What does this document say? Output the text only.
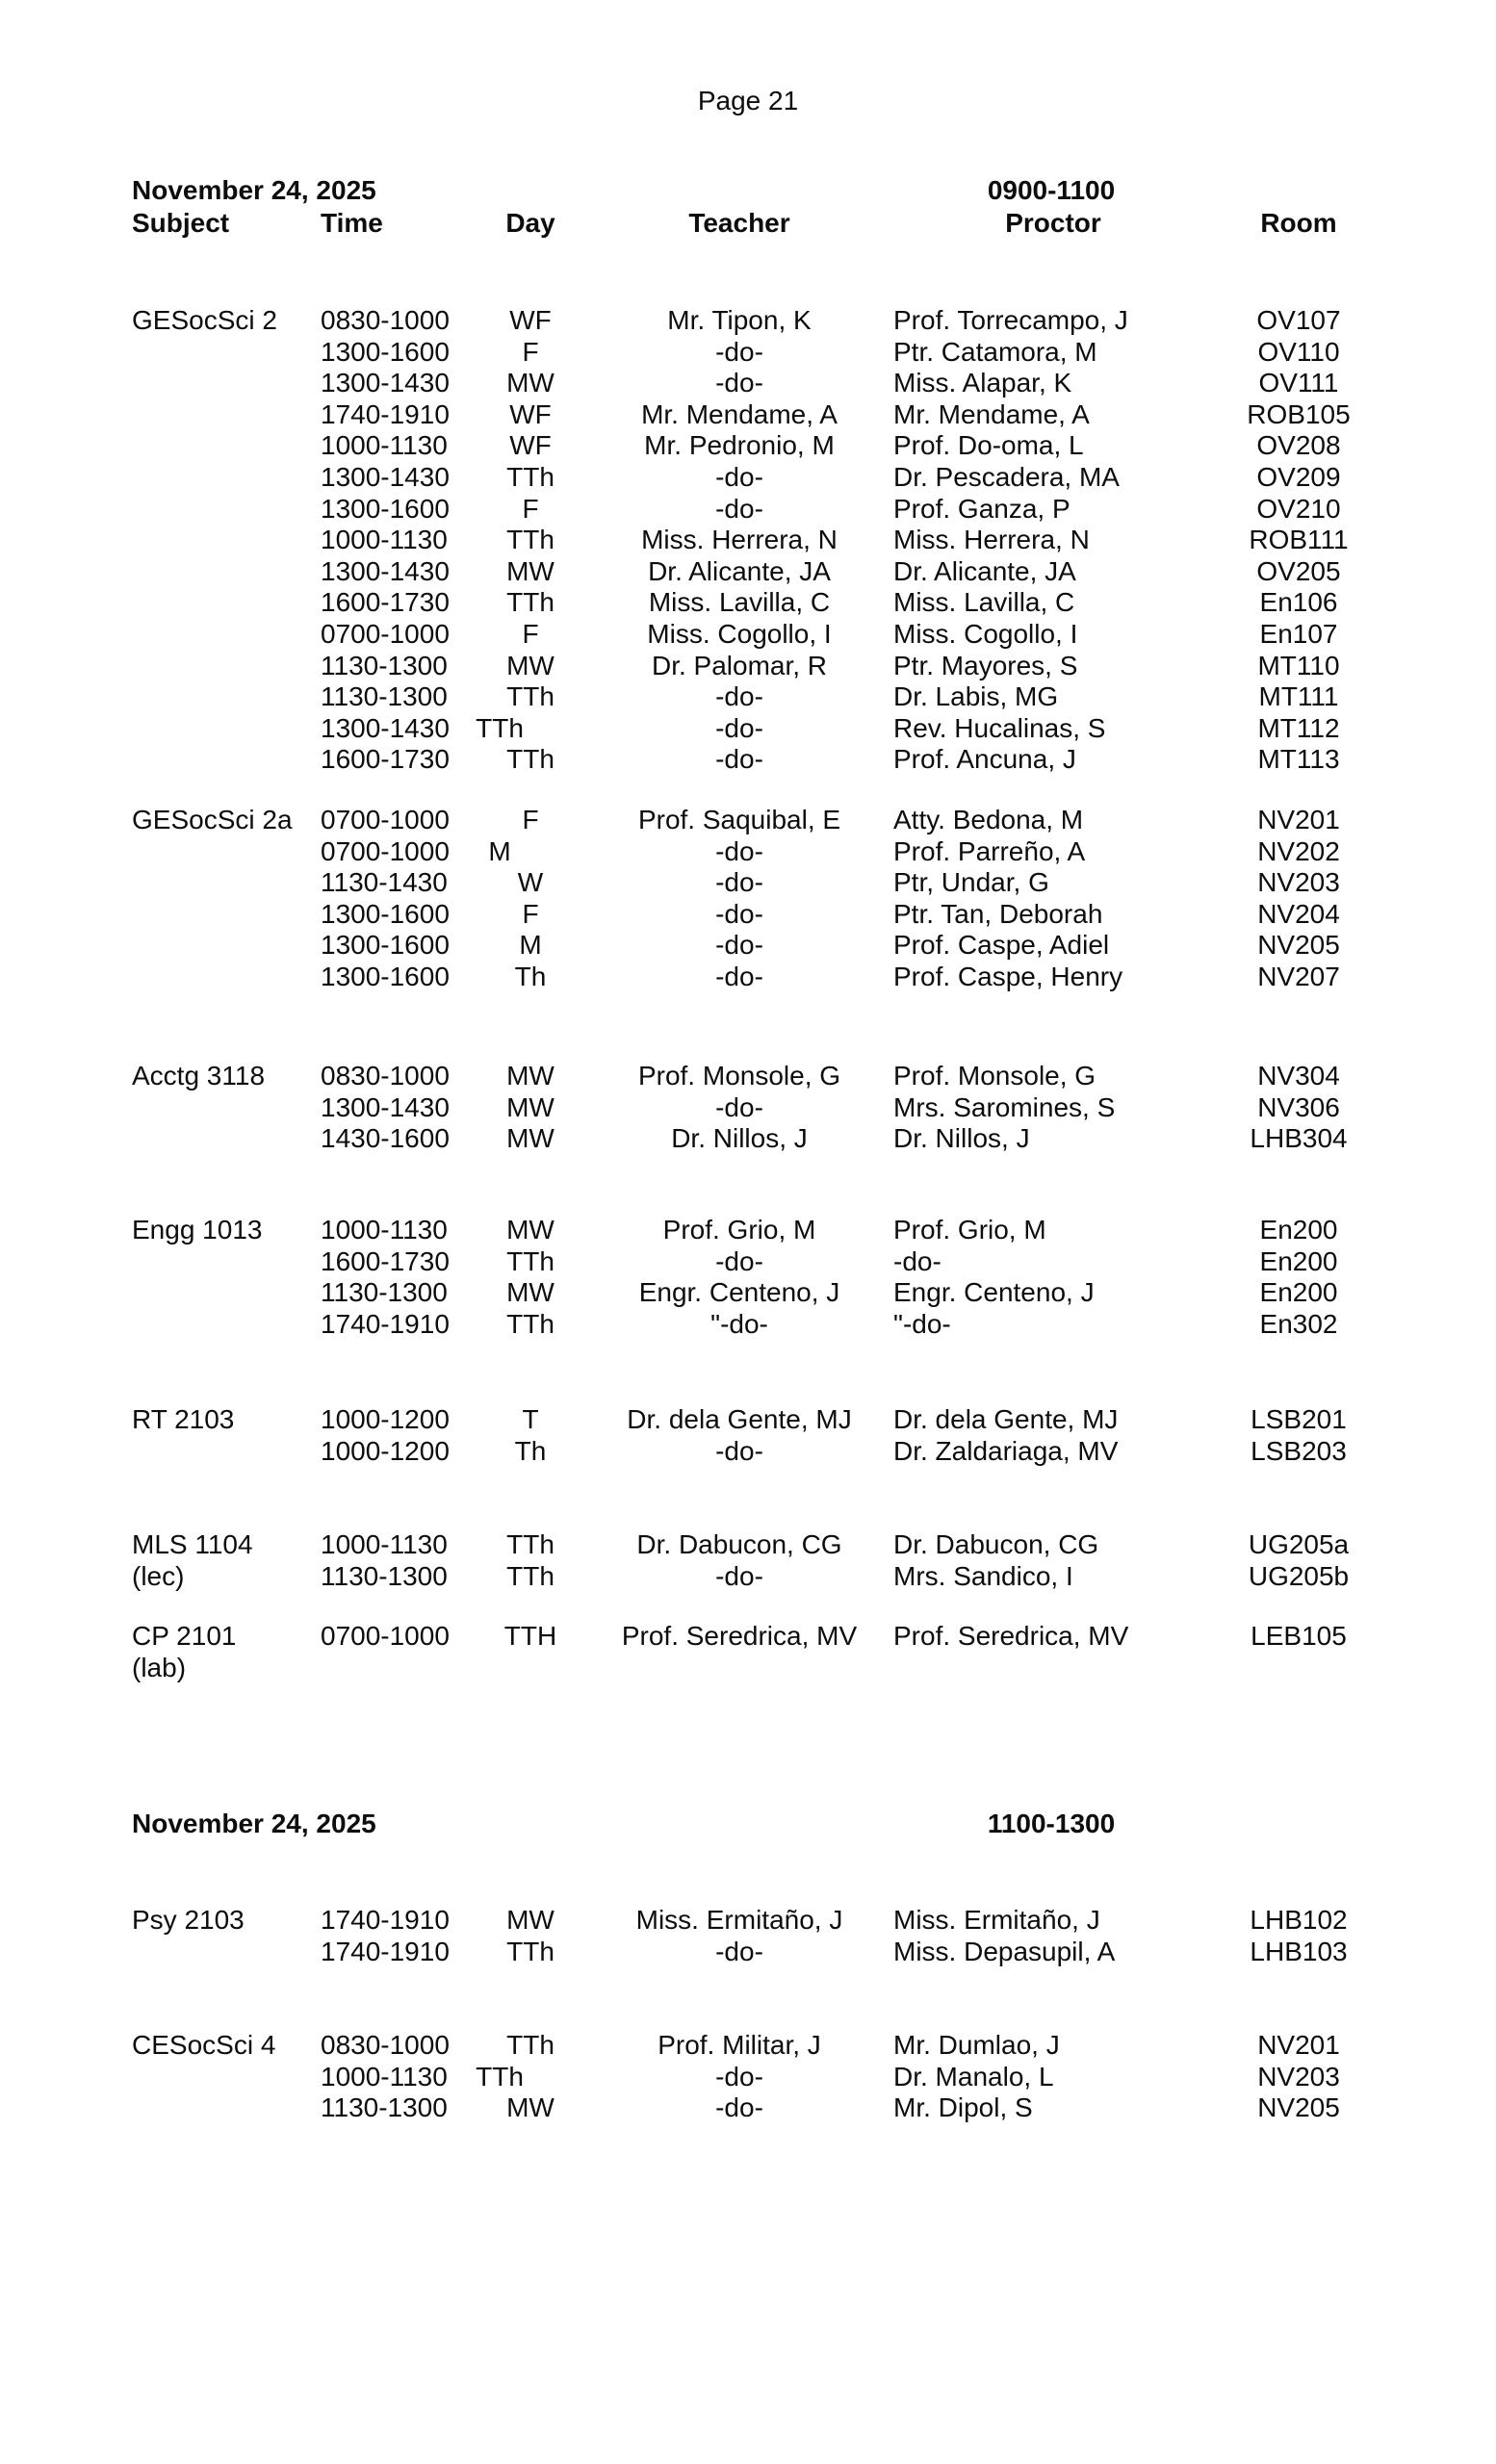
Page 21
November 24, 2025	0900-1100
Subject	Time	Day	Teacher	Proctor	Room
November 24, 2025	1100-1300
GESocSci 2 0830-1000	WF	Mr. Tipon, K	Prof. Torrecampo, J	OV107
1300-1600	F	-do-	Ptr. Catamora, M	OV110
1300-1430	MW	-do-	Miss. Alapar, K	OV111
1740-1910	WF	Mr. Mendame, A	Mr. Mendame, A	ROB105
1000-1130	WF	Mr. Pedronio, M	Prof. Do-oma, L	OV208
1300-1430	TTh	-do-	Dr. Pescadera, MA	OV209
1300-1600	F	-do-	Prof. Ganza, P	OV210
1000-1130	TTh	Miss. Herrera, N	Miss. Herrera, N	ROB111
1300-1430	MW	Dr. Alicante, JA	Dr. Alicante, JA	OV205
1600-1730	TTh	Miss. Lavilla, C	Miss. Lavilla, C	En106
0700-1000	F	Miss. Cogollo, I	Miss. Cogollo, I	En107
1130-1300	MW	Dr. Palomar, R	Ptr. Mayores, S	MT110
1130-1300	TTh	-do-	Dr. Labis, MG	MT111
1300-1430 TTh	-do-	Rev. Hucalinas, S	MT112
1600-1730	TTh	-do-	Prof. Ancuna, J	MT113
GESocSci 2a 0700-1000	F	Prof. Saquibal, E	Atty. Bedona, M	NV201
0700-1000	M	-do-	Prof. Parreño, A	NV202
1130-1430	W	-do-	Ptr, Undar, G	NV203
1300-1600	F	-do-	Ptr. Tan, Deborah	NV204
1300-1600	M	-do-	Prof. Caspe, Adiel	NV205
1300-1600	Th	-do-	Prof. Caspe, Henry	NV207
Acctg 3118 0830-1000	MW	Prof. Monsole, G	Prof. Monsole, G	NV304
1300-1430	MW	-do-	Mrs. Saromines, S	NV306
1430-1600	MW	Dr. Nillos, J	Dr. Nillos, J	LHB304
Engg 1013 1000-1130	MW	Prof. Grio, M	Prof. Grio, M	En200
1600-1730	TTh	-do-	-do-	En200
1130-1300	MW	Engr. Centeno, J	Engr. Centeno, J	En200
1740-1910	TTh	"-do-	"-do-	En302
RT 2103	1000-1200	T	Dr. dela Gente, MJ	Dr. dela Gente, MJ	LSB201
1000-1200	Th	-do-	Dr. Zaldariaga, MV	LSB203
MLS 1104	1000-1130	TTh	Dr. Dabucon, CG	Dr. Dabucon, CG	UG205a
(lec)	1130-1300	TTh	-do-	Mrs. Sandico, I	UG205b
CP 2101	0700-1000	TTH	Prof. Seredrica, MV	Prof. Seredrica, MV	LEB105
(lab)
Psy 2103	1740-1910	MW	Miss. Ermitaño, J	Miss. Ermitaño, J	LHB102
1740-1910	TTh	-do-	Miss. Depasupil, A	LHB103
CESocSci 4 0830-1000	TTh	Prof. Militar, J	Mr. Dumlao, J	NV201
1000-1130	TTh	-do-	Dr. Manalo, L	NV203
1130-1300	MW	-do-	Mr. Dipol, S	NV205
